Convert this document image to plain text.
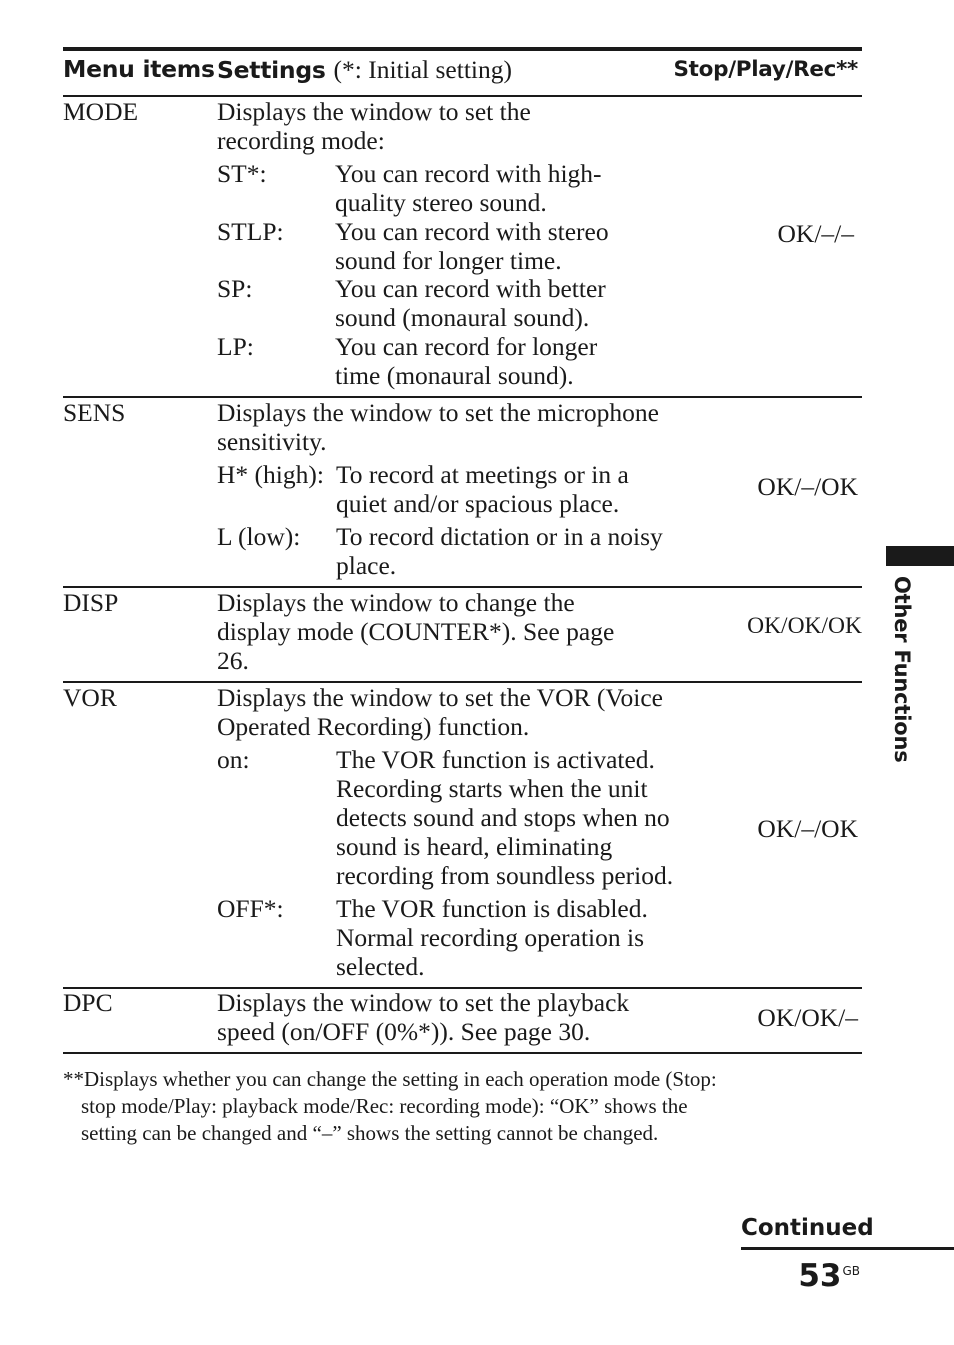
Menu items Settings (*: Initial setting)	Stop/Play/Rec**
MODE	Displays the window to set the
recording mode:
ST*:	You can record with high-
quality stereo sound.
STLP: You can record with stereo
sound for longer time.
SP:	You can record with better
sound (monaural sound).
LP:	You can record for longer
time (monaural sound).
OK/–/–
SENS	Displays the window to set the microphone
sensitivity.
H* (high): To record at meetings or in a
quiet and/or spacious place.
L (low): To record dictation or in a noisy
place.
OK/–/OK
DISP	Displays the window to change the
display mode (COUNTER*). See page
26.
OK/OK/OK
VOR	Displays the window to set the VOR (Voice
Operated Recording) function.
on:	The VOR function is activated.
Recording starts when the unit
detects sound and stops when no
sound is heard, eliminating
recording from soundless period.
OFF*: The VOR function is disabled.
Normal recording operation is
selected.
OK/–/OK
DPC	Displays the window to set the playback
speed (on/OFF (0%*)). See page 30.	OK/OK/–
**Displays whether you can change the setting in each operation mode (Stop:
stop mode/Play: playback mode/Rec: recording mode): “OK” shows the
setting can be changed and “–” shows the setting cannot be changed.
Other Functions
Continued
$53^{GB}$
